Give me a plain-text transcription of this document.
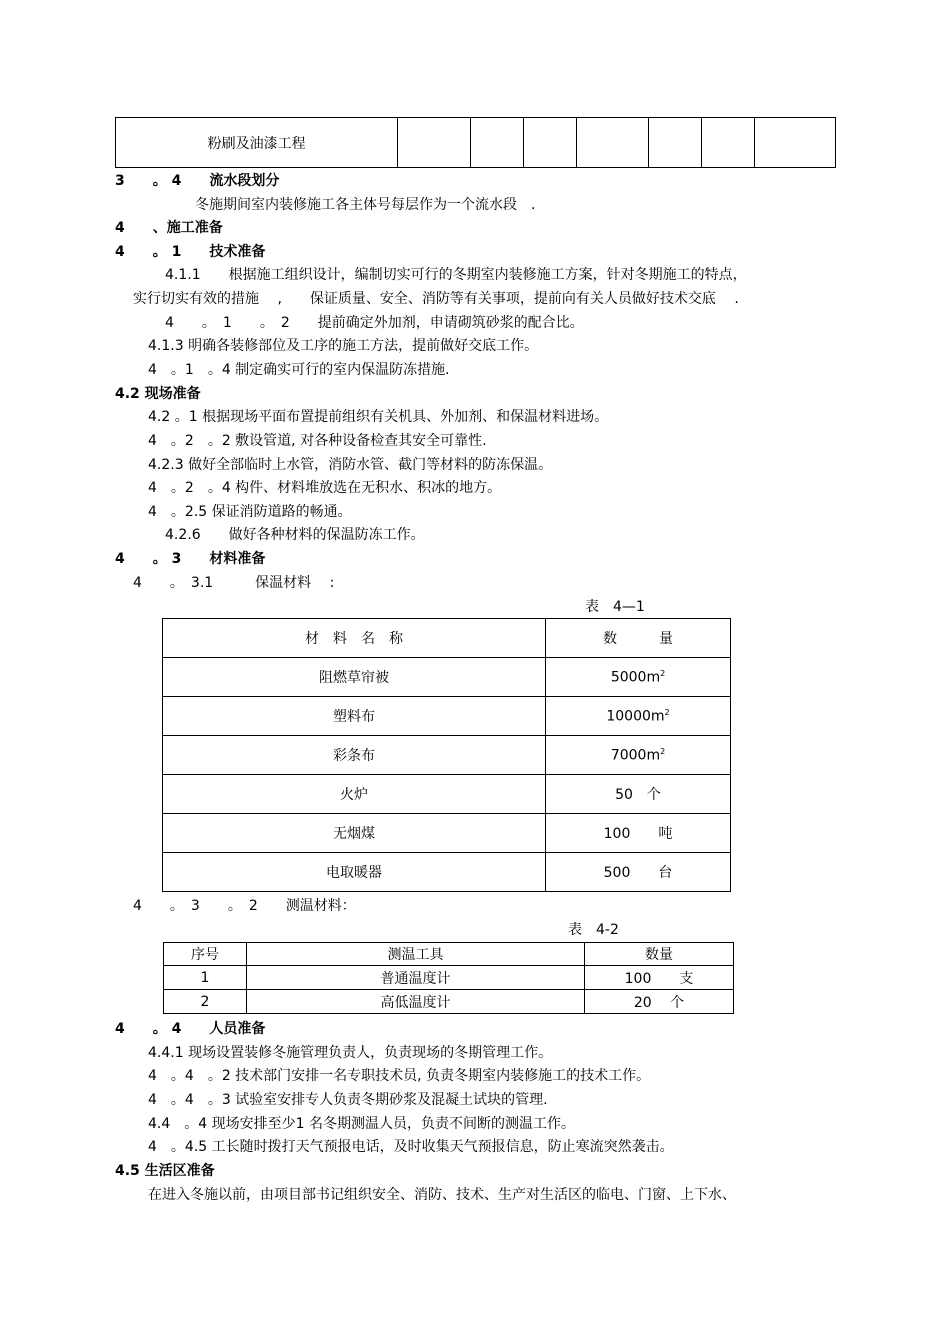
粉刷及油漆工程							
3　　。 4　　流水段划分
冬施期间室内装修施工各主体号每层作为一个流水段　.
4　　、施工准备
4　　。 1　　技术准备
4.1.1　　根据施工组织设计，编制切实可行的冬期室内装修施工方案，针对冬期施工的特点，
实行切实有效的措施　 ,　　保证质量、安全、消防等有关事项，提前向有关人员做好技术交底　 .
4　　。　1　　。　2　　提前确定外加剂，申请砌筑砂浆的配合比。
4.1.3 明确各装修部位及工序的施工方法，提前做好交底工作。
4　。1　。4 制定确实可行的室内保温防冻措施.
4.2 现场准备
4.2 。1 根据现场平面布置提前组织有关机具、外加剂、和保温材料进场。
4　。2　。2 敷设管道, 对各种设备检查其安全可靠性.
4.2.3 做好全部临时上水管，消防水管、截门等材料的防冻保温。
4　。2　。4 构件、材料堆放选在无积水、积冰的地方。
4　。2.5 保证消防道路的畅通。
4.2.6　　做好各种材料的保温防冻工作。
4　　。 3　　材料准备
4　　。　3.1　　　保温材料　 :
表　4—1
材　料　名　称	数　　　量
阻燃草帘被	$5000m^2$
塑料布	$10000m^2$
彩条布	$7000m^2$
火炉	50　个
无烟煤	100　　吨
电取暖器	500　　台
4　　。　3　　。　2　　测温材料：
表　4-2
序号	测温工具	数量
1	普通温度计	100　　支
2	高低温度计	20　 个
4　　。 4　　人员准备
4.4.1 现场设置装修冬施管理负责人，负责现场的冬期管理工作。
4　。4　。2 技术部门安排一名专职技术员, 负责冬期室内装修施工的技术工作。
4　。4　。3 试验室安排专人负责冬期砂浆及混凝土试块的管理.
4.4　。4 现场安排至少1 名冬期测温人员，负责不间断的测温工作。
4　。4.5 工长随时拨打天气预报电话，及时收集天气预报信息，防止寒流突然袭击。
4.5 生活区准备
在进入冬施以前，由项目部书记组织安全、消防、技术、生产对生活区的临电、门窗、上下水、
